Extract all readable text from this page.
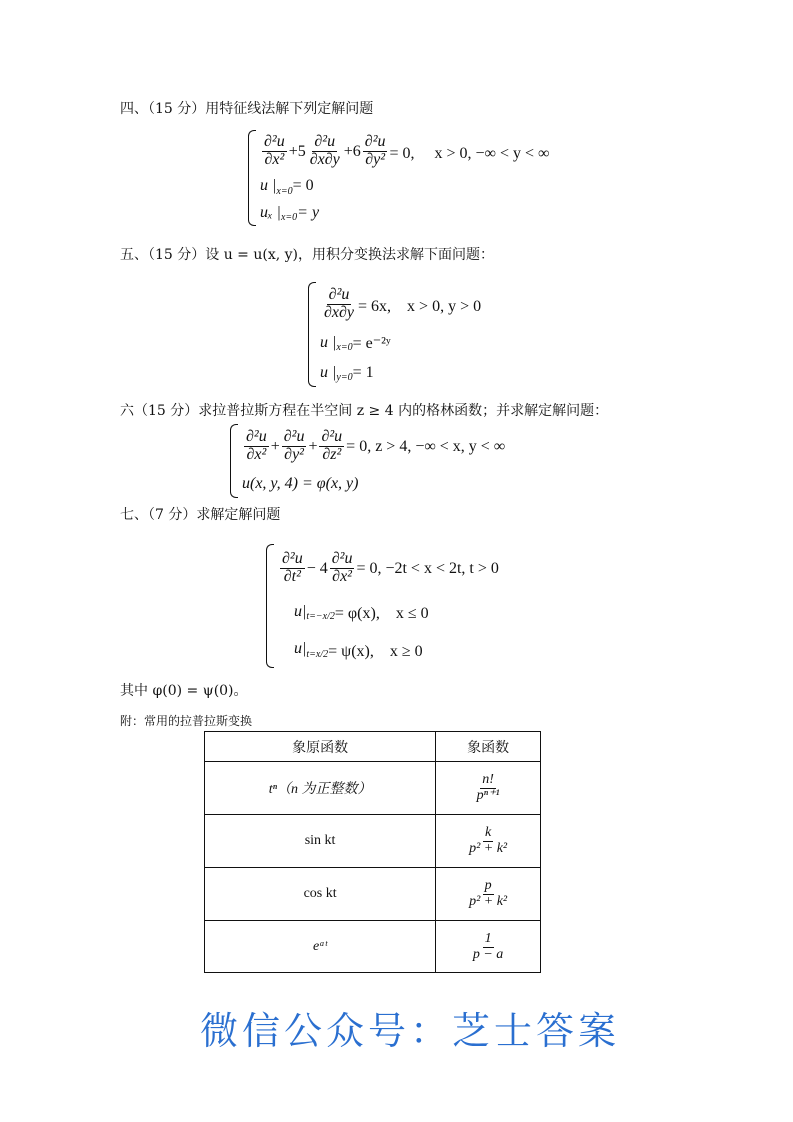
四、（15 分）用特征线法解下列定解问题
$\frac{\text{∂²u}}{\text{∂x²}} +5 \frac{\text{∂²u}}{\partial x\partial y} +6 \frac{\text{∂²u}}{\text{∂y²}} = 0$,　 x > 0, −∞ < y < ∞
u | x=0 = 0
uₓ | x=0 = y
五、（15 分）设 u = u(x, y)，用积分变换法求解下面问题：
$\frac{\text{∂²u}}{\partial x\partial y} = 6x$,　x > 0, y > 0
u | x=0 = e⁻²ʸ
u | y=0 = 1
六（15 分）求拉普拉斯方程在半空间 z ≥ 4 内的格林函数；并求解定解问题：
$\frac{\text{∂²u}}{\text{∂x²}} + \frac{\text{∂²u}}{\text{∂y²}} + \frac{\text{∂²u}}{\text{∂z²}} = 0$, z > 4, −∞ < x, y < ∞
u(x, y, 4) = φ(x, y)
七、（7 分）求解定解问题
$\frac{\text{∂²u}}{\text{∂t²}} - 4 \frac{\text{∂²u}}{\text{∂x²}} = 0$, −2t < x < 2t, t > 0
u| t=−x/2 = φ(x),　x ≤ 0
u| t=x/2 = ψ(x),　x ≥ 0
其中 φ(0) = ψ(0)。
附：常用的拉普拉斯变换
象原函数	象函数
tⁿ（n 为正整数）	$\frac{n!}{\text{pⁿ⁺¹}}$

sin kt	$\frac{k}{\text{p² + k²}}$

cos kt	$\frac{p}{\text{p² + k²}}$

eᵃᵗ	$\frac{1}{p - a}$
微信公众号：芝士答案
